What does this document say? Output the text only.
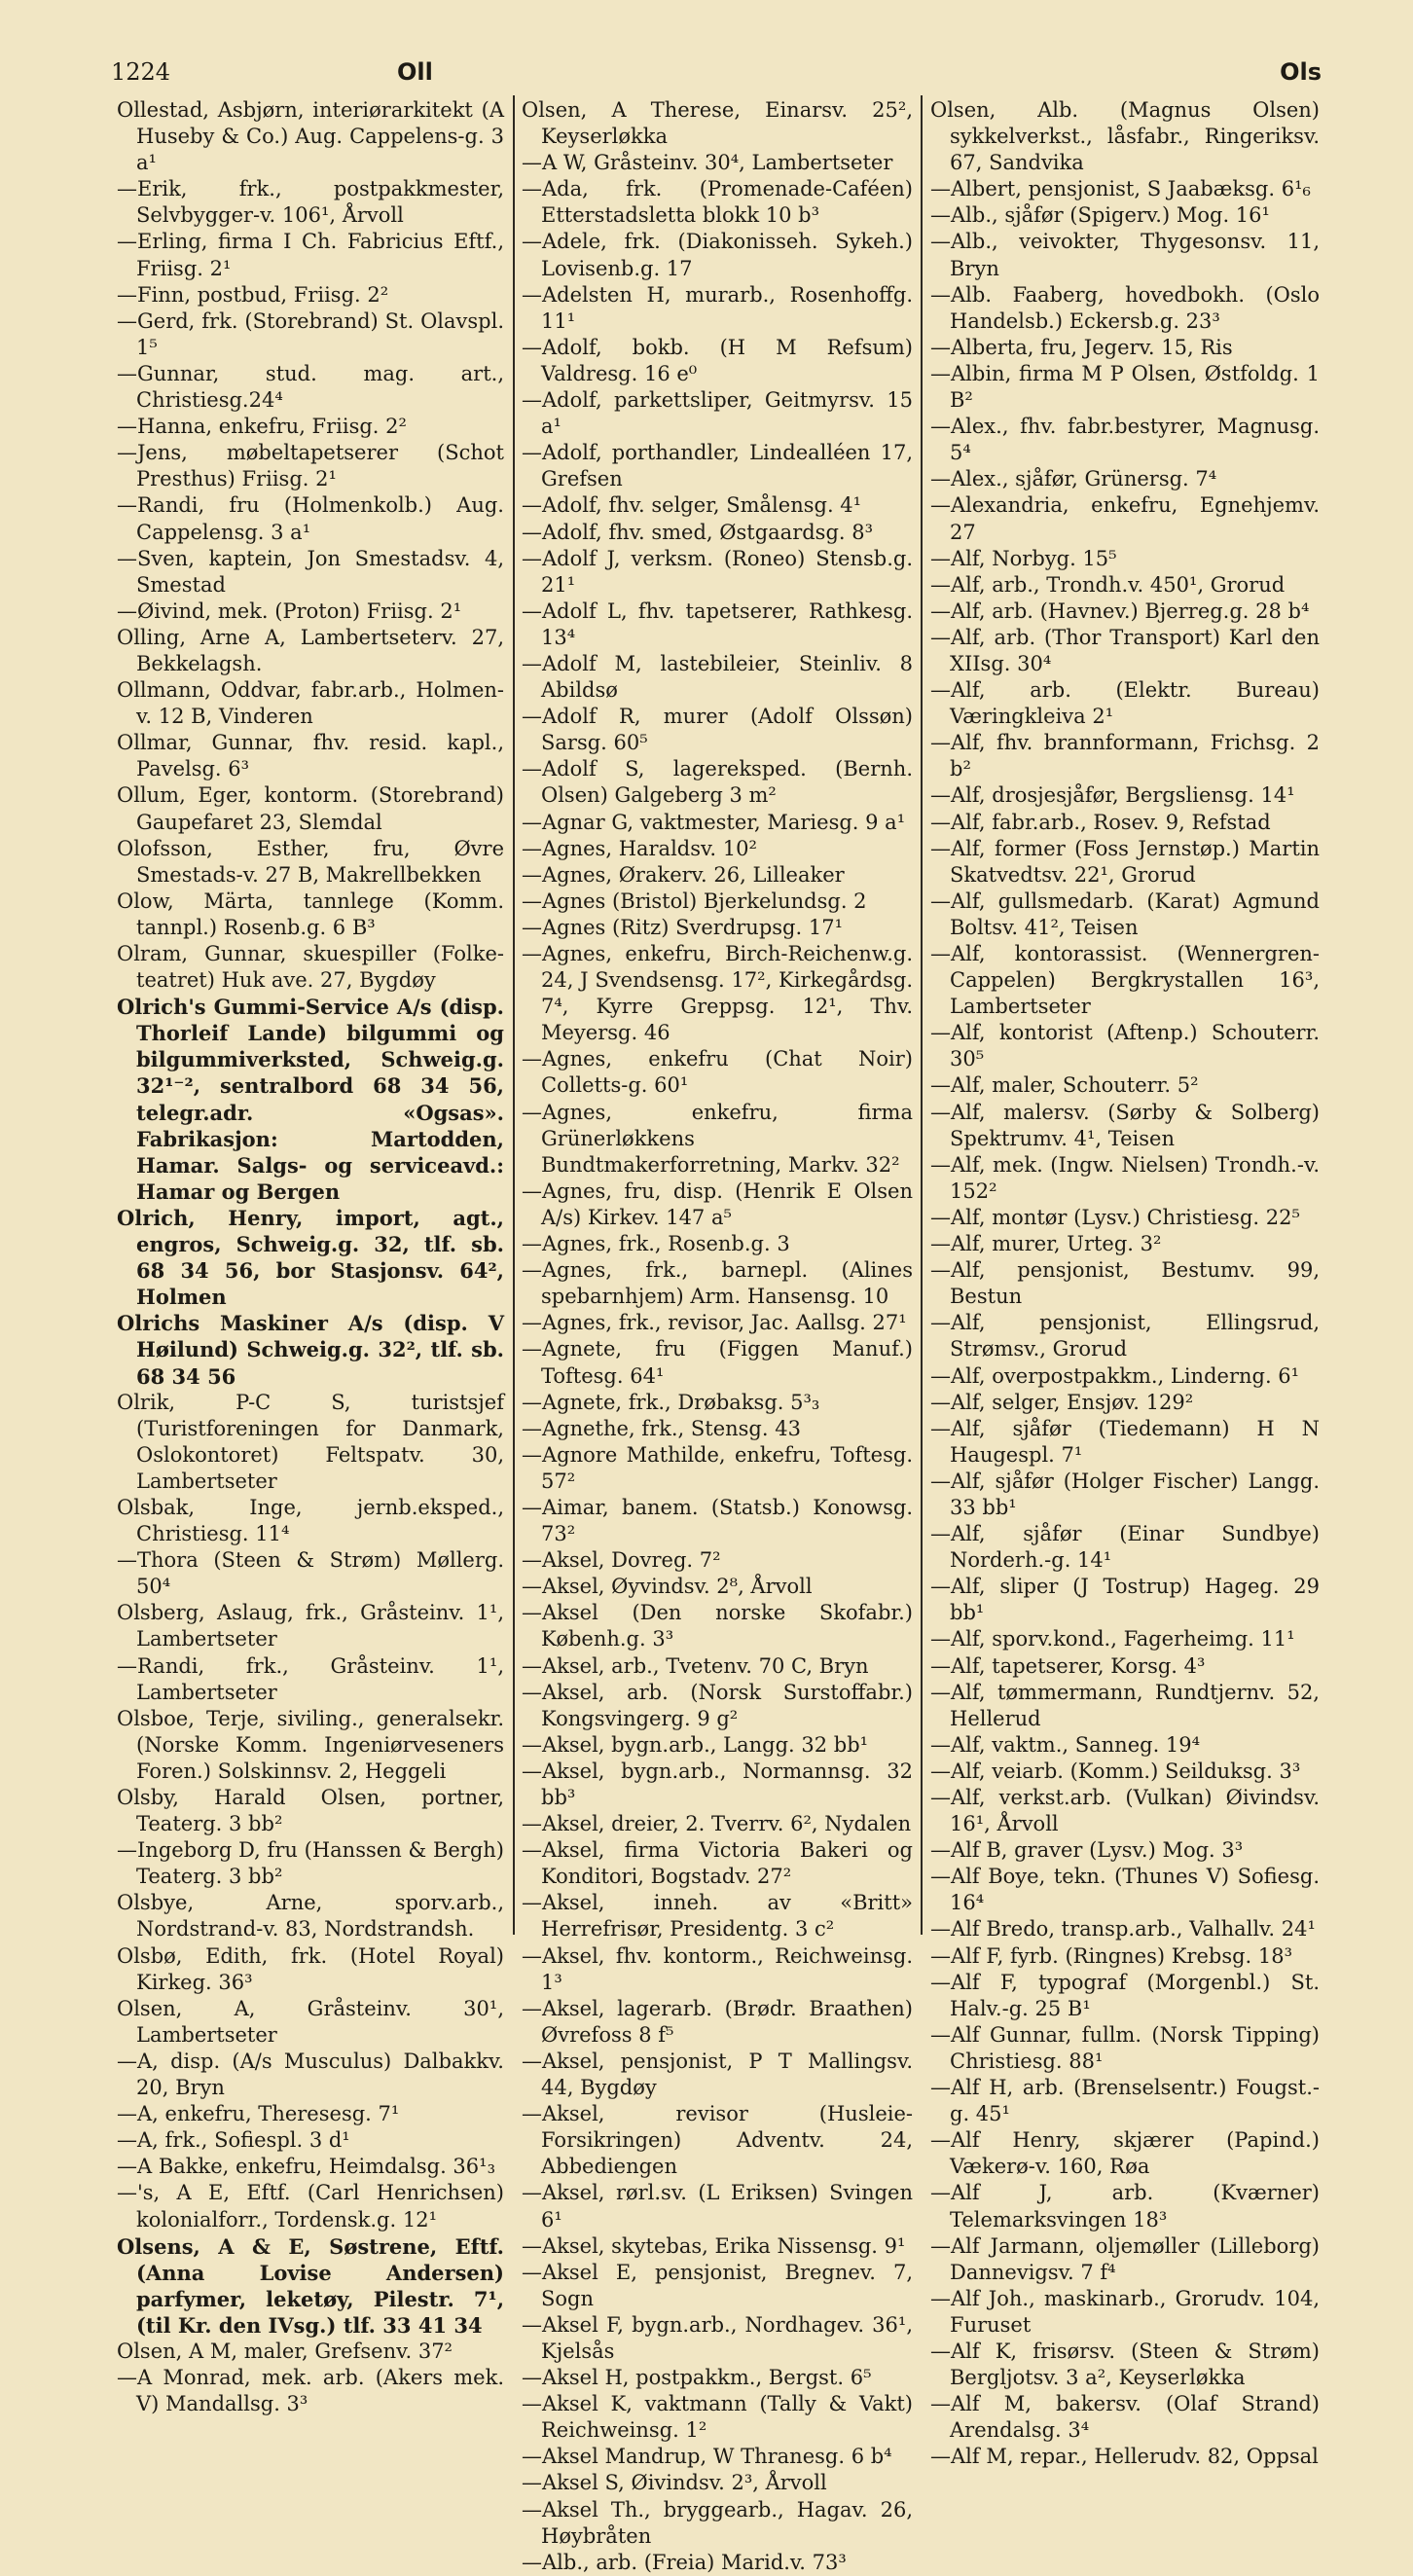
1224	Oll	Ols
Ollestad, Asbjørn, interiørarkitekt (A Huseby & Co.) Aug. Cappelens-g. 3 a¹
—Erik, frk., postpakkmester, Selvbygger-v. 106¹, Årvoll
—Erling, firma I Ch. Fabricius Eftf., Friisg. 2¹
—Finn, postbud, Friisg. 2²
—Gerd, frk. (Storebrand) St. Olavspl. 1⁵
—Gunnar, stud. mag. art., Christiesg.24⁴
—Hanna, enkefru, Friisg. 2²
—Jens, møbeltapetserer (Schot Presthus) Friisg. 2¹
—Randi, fru (Holmenkolb.) Aug. Cappelensg. 3 a¹
—Sven, kaptein, Jon Smestadsv. 4, Smestad
—Øivind, mek. (Proton) Friisg. 2¹
Olling, Arne A, Lambertseterv. 27, Bekkelagsh.
Ollmann, Oddvar, fabr.arb., Holmen-v. 12 B, Vinderen
Ollmar, Gunnar, fhv. resid. kapl., Pavelsg. 6³
Ollum, Eger, kontorm. (Storebrand) Gaupefaret 23, Slemdal
Olofsson, Esther, fru, Øvre Smestads-v. 27 B, Makrellbekken
Olow, Märta, tannlege (Komm. tannpl.) Rosenb.g. 6 B³
Olram, Gunnar, skuespiller (Folke-teatret) Huk ave. 27, Bygdøy
Olrich's Gummi-Service A/s (disp. Thorleif Lande) bilgummi og bilgummiverksted, Schweig.g. 32¹⁻², sentralbord 68 34 56, telegr.adr. «Ogsas». Fabrikasjon: Martodden, Hamar. Salgs- og serviceavd.: Hamar og Bergen
Olrich, Henry, import, agt., engros, Schweig.g. 32, tlf. sb. 68 34 56, bor Stasjonsv. 64², Holmen
Olrichs Maskiner A/s (disp. V Høilund) Schweig.g. 32², tlf. sb. 68 34 56
Olrik, P-C S, turistsjef (Turistforeningen for Danmark, Oslokontoret) Feltspatv. 30, Lambertseter
Olsbak, Inge, jernb.eksped., Christiesg. 11⁴
—Thora (Steen & Strøm) Møllerg. 50⁴
Olsberg, Aslaug, frk., Gråsteinv. 1¹, Lambertseter
—Randi, frk., Gråsteinv. 1¹, Lambertseter
Olsboe, Terje, siviling., generalsekr. (Norske Komm. Ingeniørveseners Foren.) Solskinnsv. 2, Heggeli
Olsby, Harald Olsen, portner, Teaterg. 3 bb²
—Ingeborg D, fru (Hanssen & Bergh) Teaterg. 3 bb²
Olsbye, Arne, sporv.arb., Nordstrand-v. 83, Nordstrandsh.
Olsbø, Edith, frk. (Hotel Royal) Kirkeg. 36³
Olsen, A, Gråsteinv. 30¹, Lambertseter
—A, disp. (A/s Musculus) Dalbakkv. 20, Bryn
—A, enkefru, Theresesg. 7¹
—A, frk., Sofiespl. 3 d¹
—A Bakke, enkefru, Heimdalsg. 36¹₃
—'s, A E, Eftf. (Carl Henrichsen) kolonialforr., Tordensk.g. 12¹
Olsens, A & E, Søstrene, Eftf. (Anna Lovise Andersen) parfymer, leketøy, Pilestr. 7¹, (til Kr. den IVsg.) tlf. 33 41 34
Olsen, A M, maler, Grefsenv. 37²
—A Monrad, mek. arb. (Akers mek. V) Mandallsg. 3³
Olsen, A Therese, Einarsv. 25², Keyserløkka
—A W, Gråsteinv. 30⁴, Lambertseter
—Ada, frk. (Promenade-Caféen) Etterstadsletta blokk 10 b³
—Adele, frk. (Diakonisseh. Sykeh.) Lovisenb.g. 17
—Adelsten H, murarb., Rosenhoffg. 11¹
—Adolf, bokb. (H M Refsum) Valdresg. 16 e⁰
—Adolf, parkettsliper, Geitmyrsv. 15 a¹
—Adolf, porthandler, Lindealléen 17, Grefsen
—Adolf, fhv. selger, Smålensg. 4¹
—Adolf, fhv. smed, Østgaardsg. 8³
—Adolf J, verksm. (Roneo) Stensb.g. 21¹
—Adolf L, fhv. tapetserer, Rathkesg. 13⁴
—Adolf M, lastebileier, Steinliv. 8 Abildsø
—Adolf R, murer (Adolf Olssøn) Sarsg. 60⁵
—Adolf S, lagereksped. (Bernh. Olsen) Galgeberg 3 m²
—Agnar G, vaktmester, Mariesg. 9 a¹
—Agnes, Haraldsv. 10²
—Agnes, Ørakerv. 26, Lilleaker
—Agnes (Bristol) Bjerkelundsg. 2
—Agnes (Ritz) Sverdrupsg. 17¹
—Agnes, enkefru, Birch-Reichenw.g. 24, J Svendsensg. 17², Kirkegårdsg. 7⁴, Kyrre Greppsg. 12¹, Thv. Meyersg. 46
—Agnes, enkefru (Chat Noir) Colletts-g. 60¹
—Agnes, enkefru, firma Grünerløkkens Bundtmakerforretning, Markv. 32²
—Agnes, fru, disp. (Henrik E Olsen A/s) Kirkev. 147 a⁵
—Agnes, frk., Rosenb.g. 3
—Agnes, frk., barnepl. (Alines spebarnhjem) Arm. Hansensg. 10
—Agnes, frk., revisor, Jac. Aallsg. 27¹
—Agnete, fru (Figgen Manuf.) Toftesg. 64¹
—Agnete, frk., Drøbaksg. 5³₃
—Agnethe, frk., Stensg. 43
—Agnore Mathilde, enkefru, Toftesg. 57²
—Aimar, banem. (Statsb.) Konowsg. 73²
—Aksel, Dovreg. 7²
—Aksel, Øyvindsv. 2⁸, Årvoll
—Aksel (Den norske Skofabr.) Københ.g. 3³
—Aksel, arb., Tvetenv. 70 C, Bryn
—Aksel, arb. (Norsk Surstoffabr.) Kongsvingerg. 9 g²
—Aksel, bygn.arb., Langg. 32 bb¹
—Aksel, bygn.arb., Normannsg. 32 bb³
—Aksel, dreier, 2. Tverrv. 6², Nydalen
—Aksel, firma Victoria Bakeri og Konditori, Bogstadv. 27²
—Aksel, inneh. av «Britt» Herrefrisør, Presidentg. 3 c²
—Aksel, fhv. kontorm., Reichweinsg. 1³
—Aksel, lagerarb. (Brødr. Braathen) Øvrefoss 8 f⁵
—Aksel, pensjonist, P T Mallingsv. 44, Bygdøy
—Aksel, revisor (Husleie-Forsikringen) Adventv. 24, Abbediengen
—Aksel, rørl.sv. (L Eriksen) Svingen 6¹
—Aksel, skytebas, Erika Nissensg. 9¹
—Aksel E, pensjonist, Bregnev. 7, Sogn
—Aksel F, bygn.arb., Nordhagev. 36¹, Kjelsås
—Aksel H, postpakkm., Bergst. 6⁵
—Aksel K, vaktmann (Tally & Vakt) Reichweinsg. 1²
—Aksel Mandrup, W Thranesg. 6 b⁴
—Aksel S, Øivindsv. 2³, Årvoll
—Aksel Th., bryggearb., Hagav. 26, Høybråten
—Alb., arb. (Freia) Marid.v. 73³
Olsen, Alb. (Magnus Olsen) sykkelverkst., låsfabr., Ringeriksv. 67, Sandvika
—Albert, pensjonist, S Jaabæksg. 6¹₆
—Alb., sjåfør (Spigerv.) Mog. 16¹
—Alb., veivokter, Thygesonsv. 11, Bryn
—Alb. Faaberg, hovedbokh. (Oslo Handelsb.) Eckersb.g. 23³
—Alberta, fru, Jegerv. 15, Ris
—Albin, firma M P Olsen, Østfoldg. 1 B²
—Alex., fhv. fabr.bestyrer, Magnusg. 5⁴
—Alex., sjåfør, Grünersg. 7⁴
—Alexandria, enkefru, Egnehjemv. 27
—Alf, Norbyg. 15⁵
—Alf, arb., Trondh.v. 450¹, Grorud
—Alf, arb. (Havnev.) Bjerreg.g. 28 b⁴
—Alf, arb. (Thor Transport) Karl den XIIsg. 30⁴
—Alf, arb. (Elektr. Bureau) Væringkleiva 2¹
—Alf, fhv. brannformann, Frichsg. 2 b²
—Alf, drosjesjåfør, Bergsliensg. 14¹
—Alf, fabr.arb., Rosev. 9, Refstad
—Alf, former (Foss Jernstøp.) Martin Skatvedtsv. 22¹, Grorud
—Alf, gullsmedarb. (Karat) Agmund Boltsv. 41², Teisen
—Alf, kontorassist. (Wennergren-Cappelen) Bergkrystallen 16³, Lambertseter
—Alf, kontorist (Aftenp.) Schouterr. 30⁵
—Alf, maler, Schouterr. 5²
—Alf, malersv. (Sørby & Solberg) Spektrumv. 4¹, Teisen
—Alf, mek. (Ingw. Nielsen) Trondh.-v. 152²
—Alf, montør (Lysv.) Christiesg. 22⁵
—Alf, murer, Urteg. 3²
—Alf, pensjonist, Bestumv. 99, Bestun
—Alf, pensjonist, Ellingsrud, Strømsv., Grorud
—Alf, overpostpakkm., Linderng. 6¹
—Alf, selger, Ensjøv. 129²
—Alf, sjåfør (Tiedemann) H N Haugespl. 7¹
—Alf, sjåfør (Holger Fischer) Langg. 33 bb¹
—Alf, sjåfør (Einar Sundbye) Norderh.-g. 14¹
—Alf, sliper (J Tostrup) Hageg. 29 bb¹
—Alf, sporv.kond., Fagerheimg. 11¹
—Alf, tapetserer, Korsg. 4³
—Alf, tømmermann, Rundtjernv. 52, Hellerud
—Alf, vaktm., Sanneg. 19⁴
—Alf, veiarb. (Komm.) Seilduksg. 3³
—Alf, verkst.arb. (Vulkan) Øivindsv. 16¹, Årvoll
—Alf B, graver (Lysv.) Mog. 3³
—Alf Boye, tekn. (Thunes V) Sofiesg. 16⁴
—Alf Bredo, transp.arb., Valhallv. 24¹
—Alf F, fyrb. (Ringnes) Krebsg. 18³
—Alf F, typograf (Morgenbl.) St. Halv.-g. 25 B¹
—Alf Gunnar, fullm. (Norsk Tipping) Christiesg. 88¹
—Alf H, arb. (Brenselsentr.) Fougst.-g. 45¹
—Alf Henry, skjærer (Papind.) Vækerø-v. 160, Røa
—Alf J, arb. (Kværner) Telemarksvingen 18³
—Alf Jarmann, oljemøller (Lilleborg) Dannevigsv. 7 f⁴
—Alf Joh., maskinarb., Grorudv. 104, Furuset
—Alf K, frisørsv. (Steen & Strøm) Bergljotsv. 3 a², Keyserløkka
—Alf M, bakersv. (Olaf Strand) Arendalsg. 3⁴
—Alf M, repar., Hellerudv. 82, Oppsal
